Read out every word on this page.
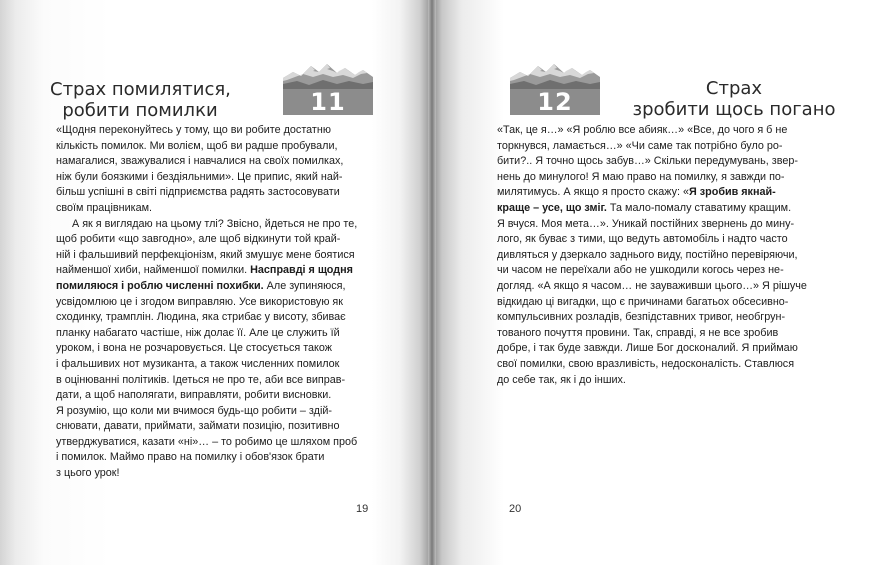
Страх помилятися,
робити помилки	11
«Щодня переконуйтесь у тому, що ви робите достатню
кількість помилок. Ми волієм, щоб ви радше пробували,
намагалися, зважувалися і навчалися на своїх помилках,
ніж були боязкими і бездіяльними». Це припис, який най-
більш успішні в світі підприємства радять застосовувати
своїм працівникам.
А як я виглядаю на цьому тлі? Звісно, йдеться не про те,
щоб робити «що завгодно», але щоб відкинути той край-
ній і фальшивий перфекціонізм, який змушує мене боятися
найменшої хиби, найменшої помилки. Насправді я щодня
помиляюся і роблю численні похибки. Але зупиняюся,
усвідомлюю це і згодом виправляю. Усе використовую як
сходинку, трамплін. Людина, яка стрибає у висоту, збиває
планку набагато частіше, ніж долає її. Але це служить їй
уроком, і вона не розчаровується. Це стосується також
і фальшивих нот музиканта, а також численних помилок
в оцінюванні політиків. Ідеться не про те, аби все виправ-
дати, а щоб наполягати, виправляти, робити висновки.
Я розумію, що коли ми вчимося будь-що робити – здій-
снювати, давати, приймати, займати позицію, позитивно
утверджуватися, казати «ні»… – то робимо це шляхом проб
і помилок. Маймо право на помилку і обов'язок брати
з цього урок!
19
12	Страх
зробити щось погано
«Так, це я…» «Я роблю все абияк…» «Все, до чого я б не
торкнувся, ламається…» «Чи саме так потрібно було ро-
бити?.. Я точно щось забув…» Скільки передумувань, звер-
нень до минулого! Я маю право на помилку, я завжди по-
милятимусь. А якщо я просто скажу: «Я зробив якнай-
краще – усе, що зміг. Та мало-помалу ставатиму кращим.
Я вчуся. Моя мета…». Уникай постійних звернень до мину-
лого, як буває з тими, що ведуть автомобіль і надто часто
дивляться у дзеркало заднього виду, постійно перевіряючи,
чи часом не переїхали або не ушкодили когось через не-
догляд. «А якщо я часом… не зауваживши цього…» Я рішуче
відкидаю ці вигадки, що є причинами багатьох обсесивно-
компульсивних розладів, безпідставних тривог, необгрун-
тованого почуття провини. Так, справді, я не все зробив
добре, і так буде завжди. Лише Бог досконалий. Я приймаю
свої помилки, свою вразливість, недосконалість. Ставлюся
до себе так, як і до інших.
20
